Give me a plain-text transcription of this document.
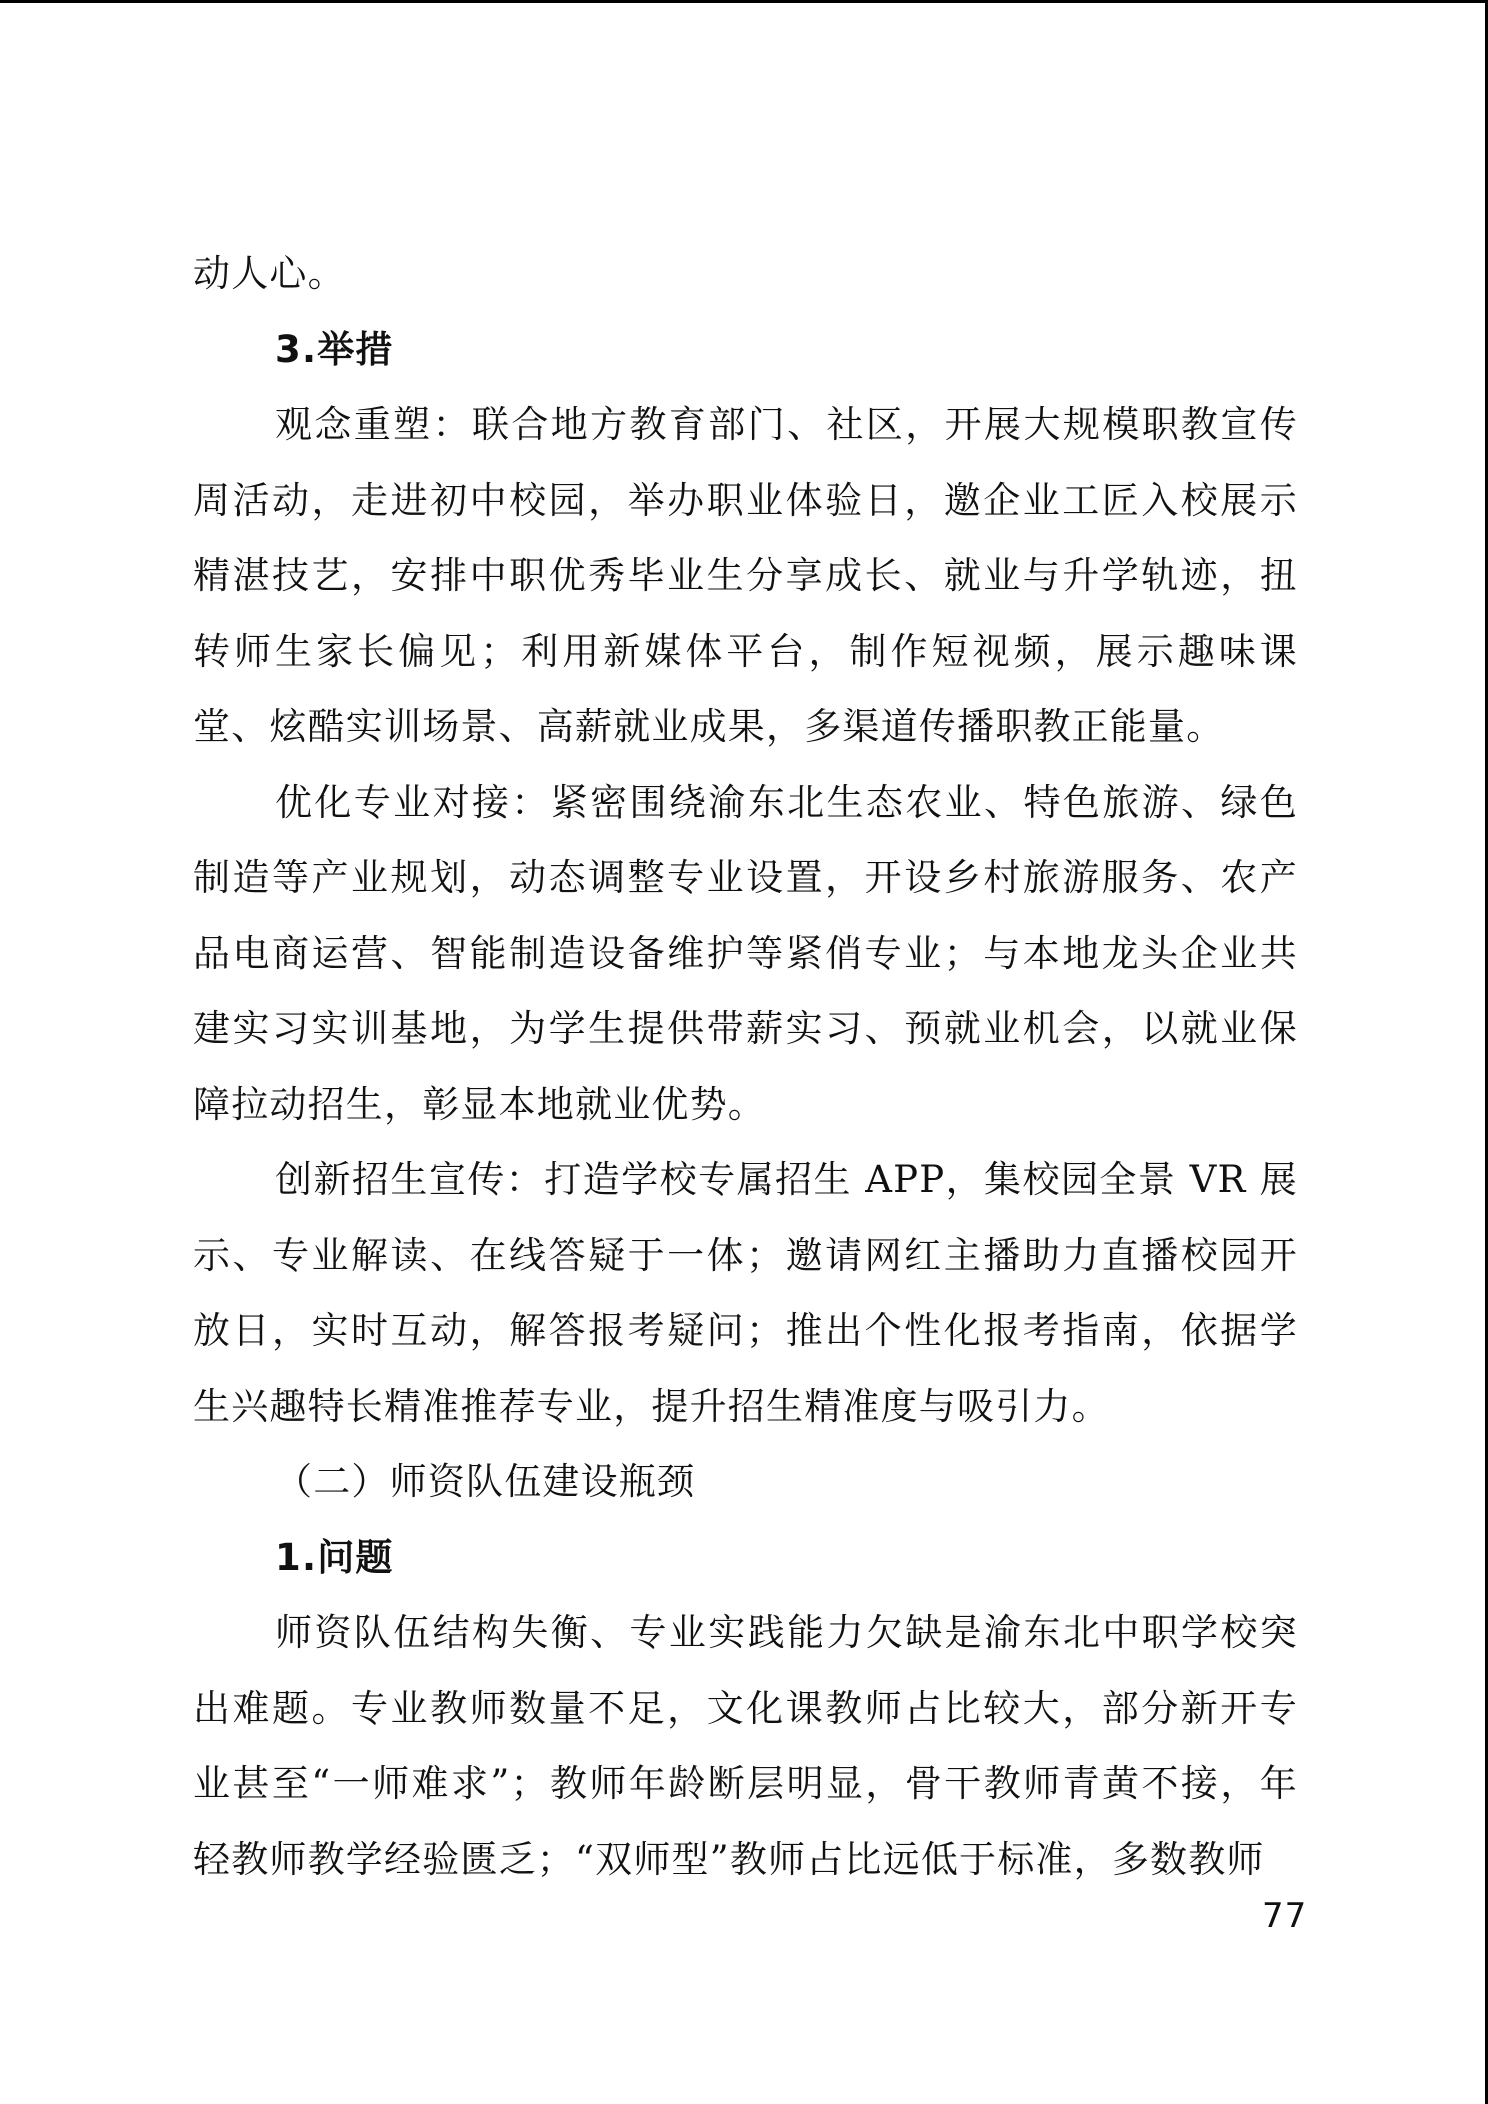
动人心。

3.举措

观念重塑：联合地方教育部门、社区，开展大规模职教宣传周活动，走进初中校园，举办职业体验日，邀企业工匠入校展示精湛技艺，安排中职优秀毕业生分享成长、就业与升学轨迹，扭转师生家长偏见；利用新媒体平台，制作短视频，展示趣味课堂、炫酷实训场景、高薪就业成果，多渠道传播职教正能量。

优化专业对接：紧密围绕渝东北生态农业、特色旅游、绿色制造等产业规划，动态调整专业设置，开设乡村旅游服务、农产品电商运营、智能制造设备维护等紧俏专业；与本地龙头企业共建实习实训基地，为学生提供带薪实习、预就业机会，以就业保障拉动招生，彰显本地就业优势。

创新招生宣传：打造学校专属招生 APP，集校园全景 VR 展示、专业解读、在线答疑于一体；邀请网红主播助力直播校园开放日，实时互动，解答报考疑问；推出个性化报考指南，依据学生兴趣特长精准推荐专业，提升招生精准度与吸引力。

（二）师资队伍建设瓶颈

1.问题

师资队伍结构失衡、专业实践能力欠缺是渝东北中职学校突出难题。专业教师数量不足，文化课教师占比较大，部分新开专业甚至“一师难求”；教师年龄断层明显，骨干教师青黄不接，年轻教师教学经验匮乏；“双师型”教师占比远低于标准，多数教师

77
